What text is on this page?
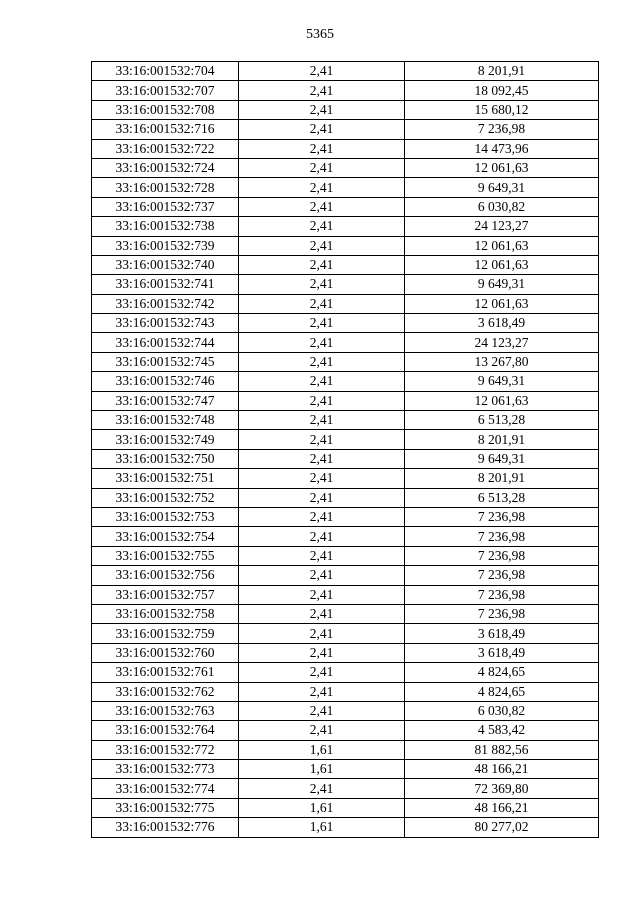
5365
33:16:001532:704	2,41	8 201,91
33:16:001532:707	2,41	18 092,45
33:16:001532:708	2,41	15 680,12
33:16:001532:716	2,41	7 236,98
33:16:001532:722	2,41	14 473,96
33:16:001532:724	2,41	12 061,63
33:16:001532:728	2,41	9 649,31
33:16:001532:737	2,41	6 030,82
33:16:001532:738	2,41	24 123,27
33:16:001532:739	2,41	12 061,63
33:16:001532:740	2,41	12 061,63
33:16:001532:741	2,41	9 649,31
33:16:001532:742	2,41	12 061,63
33:16:001532:743	2,41	3 618,49
33:16:001532:744	2,41	24 123,27
33:16:001532:745	2,41	13 267,80
33:16:001532:746	2,41	9 649,31
33:16:001532:747	2,41	12 061,63
33:16:001532:748	2,41	6 513,28
33:16:001532:749	2,41	8 201,91
33:16:001532:750	2,41	9 649,31
33:16:001532:751	2,41	8 201,91
33:16:001532:752	2,41	6 513,28
33:16:001532:753	2,41	7 236,98
33:16:001532:754	2,41	7 236,98
33:16:001532:755	2,41	7 236,98
33:16:001532:756	2,41	7 236,98
33:16:001532:757	2,41	7 236,98
33:16:001532:758	2,41	7 236,98
33:16:001532:759	2,41	3 618,49
33:16:001532:760	2,41	3 618,49
33:16:001532:761	2,41	4 824,65
33:16:001532:762	2,41	4 824,65
33:16:001532:763	2,41	6 030,82
33:16:001532:764	2,41	4 583,42
33:16:001532:772	1,61	81 882,56
33:16:001532:773	1,61	48 166,21
33:16:001532:774	2,41	72 369,80
33:16:001532:775	1,61	48 166,21
33:16:001532:776	1,61	80 277,02
